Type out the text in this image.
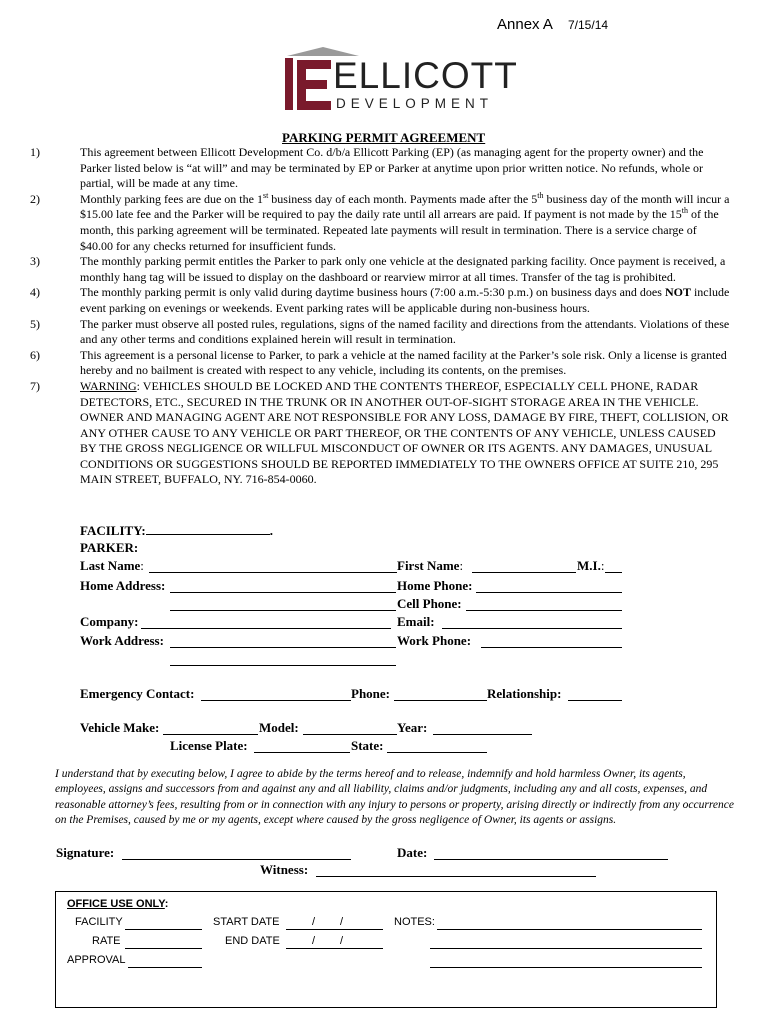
Annex A 7/15/14
ELLICOTT
DEVELOPMENT
PARKING PERMIT AGREEMENT
1)	This agreement between Ellicott Development Co. d/b/a Ellicott Parking (EP) (as managing agent for the property owner) and the Parker listed below is “at will” and may be terminated by EP or Parker at anytime upon prior written notice. No refunds, whole or partial, will be made at any time.
2)	Monthly parking fees are due on the 1st business day of each month. Payments made after the 5th business day of the month will incur a $15.00 late fee and the Parker will be required to pay the daily rate until all arrears are paid. If payment is not made by the 15th of the month, this parking agreement will be terminated. Repeated late payments will result in termination. There is a service charge of $40.00 for any checks returned for insufficient funds.
3)	The monthly parking permit entitles the Parker to park only one vehicle at the designated parking facility. Once payment is received, a monthly hang tag will be issued to display on the dashboard or rearview mirror at all times. Transfer of the tag is prohibited.
4)	The monthly parking permit is only valid during daytime business hours (7:00 a.m.-5:30 p.m.) on business days and does NOT include event parking on evenings or weekends. Event parking rates will be applicable during non-business hours.
5)	The parker must observe all posted rules, regulations, signs of the named facility and directions from the attendants. Violations of these and any other terms and conditions explained herein will result in termination.
6)	This agreement is a personal license to Parker, to park a vehicle at the named facility at the Parker’s sole risk. Only a license is granted hereby and no bailment is created with respect to any vehicle, including its contents, on the premises.
7)	WARNING: VEHICLES SHOULD BE LOCKED AND THE CONTENTS THEREOF, ESPECIALLY CELL PHONE, RADAR DETECTORS, ETC., SECURED IN THE TRUNK OR IN ANOTHER OUT-OF-SIGHT STORAGE AREA IN THE VEHICLE. OWNER AND MANAGING AGENT ARE NOT RESPONSIBLE FOR ANY LOSS, DAMAGE BY FIRE, THEFT, COLLISION, OR ANY OTHER CAUSE TO ANY VEHICLE OR PART THEREOF, OR THE CONTENTS OF ANY VEHICLE, UNLESS CAUSED BY THE GROSS NEGLIGENCE OR WILLFUL MISCONDUCT OF OWNER OR ITS AGENTS. ANY DAMAGES, UNUSUAL CONDITIONS OR SUGGESTIONS SHOULD BE REPORTED IMMEDIATELY TO THE OWNERS OFFICE AT SUITE 210, 295 MAIN STREET, BUFFALO, NY. 716-854-0060.
FACILITY:	.
PARKER:
Last Name:	First Name:	M.I.:
Home Address:	Home Phone:
Cell Phone:
Company:	Email:
Work Address:	Work Phone:
Emergency Contact:	Phone:	Relationship:
Vehicle Make:	Model:	Year:
License Plate:	State:
I understand that by executing below, I agree to abide by the terms hereof and to release, indemnify and hold harmless Owner, its agents, employees, assigns and successors from and against any and all liability, claims and/or judgments, including any and all costs, expenses, and reasonable attorney’s fees, resulting from or in connection with any injury to persons or property, arising directly or indirectly from any occurrence on the Premises, caused by me or my agents, except where caused by the gross negligence of Owner, its agents or assigns.
Signature:	Date:
Witness:
OFFICE USE ONLY:
FACILITY	START DATE	/ /	NOTES:
RATE	END DATE	/ /
APPROVAL
